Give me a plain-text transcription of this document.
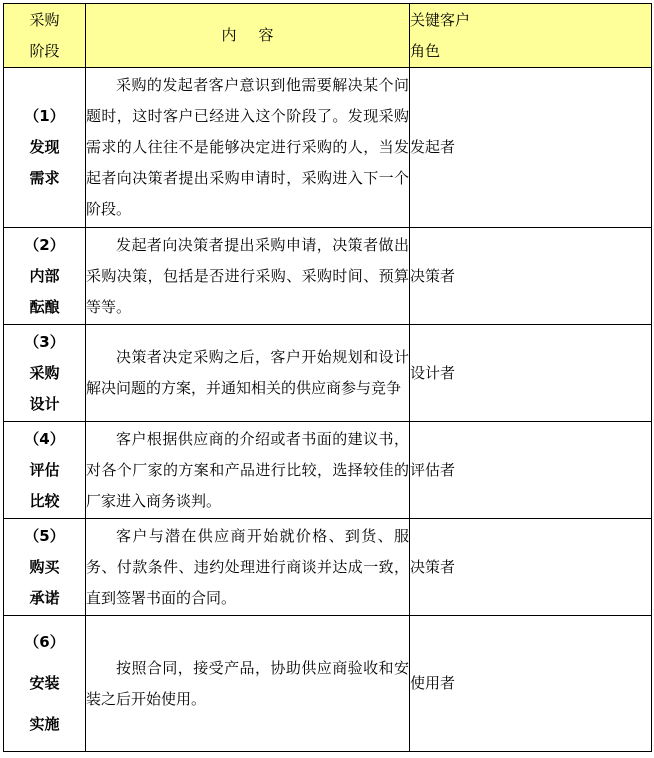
采购
阶段	内 容	关键客户
角色

（1）
发现
需求	采购的发起者客户意识到他需要解决某个问题时，这时客户已经进入这个阶段了。发现采购需求的人往往不是能够决定进行采购的人，当发起者向决策者提出采购申请时，采购进入下一个阶段。	发起者

（2）
内部
酝酿	发起者向决策者提出采购申请，决策者做出采购决策，包括是否进行采购、采购时间、预算等等。	决策者

（3）
采购
设计	决策者决定采购之后，客户开始规划和设计解决问题的方案，并通知相关的供应商参与竞争	设计者

（4）
评估
比较	客户根据供应商的介绍或者书面的建议书，对各个厂家的方案和产品进行比较，选择较佳的厂家进入商务谈判。	评估者

（5）
购买
承诺	客户与潜在供应商开始就价格、到货、服务、付款条件、违约处理进行商谈并达成一致，直到签署书面的合同。	决策者

（6）
安装
实施	按照合同，接受产品，协助供应商验收和安装之后开始使用。	使用者
